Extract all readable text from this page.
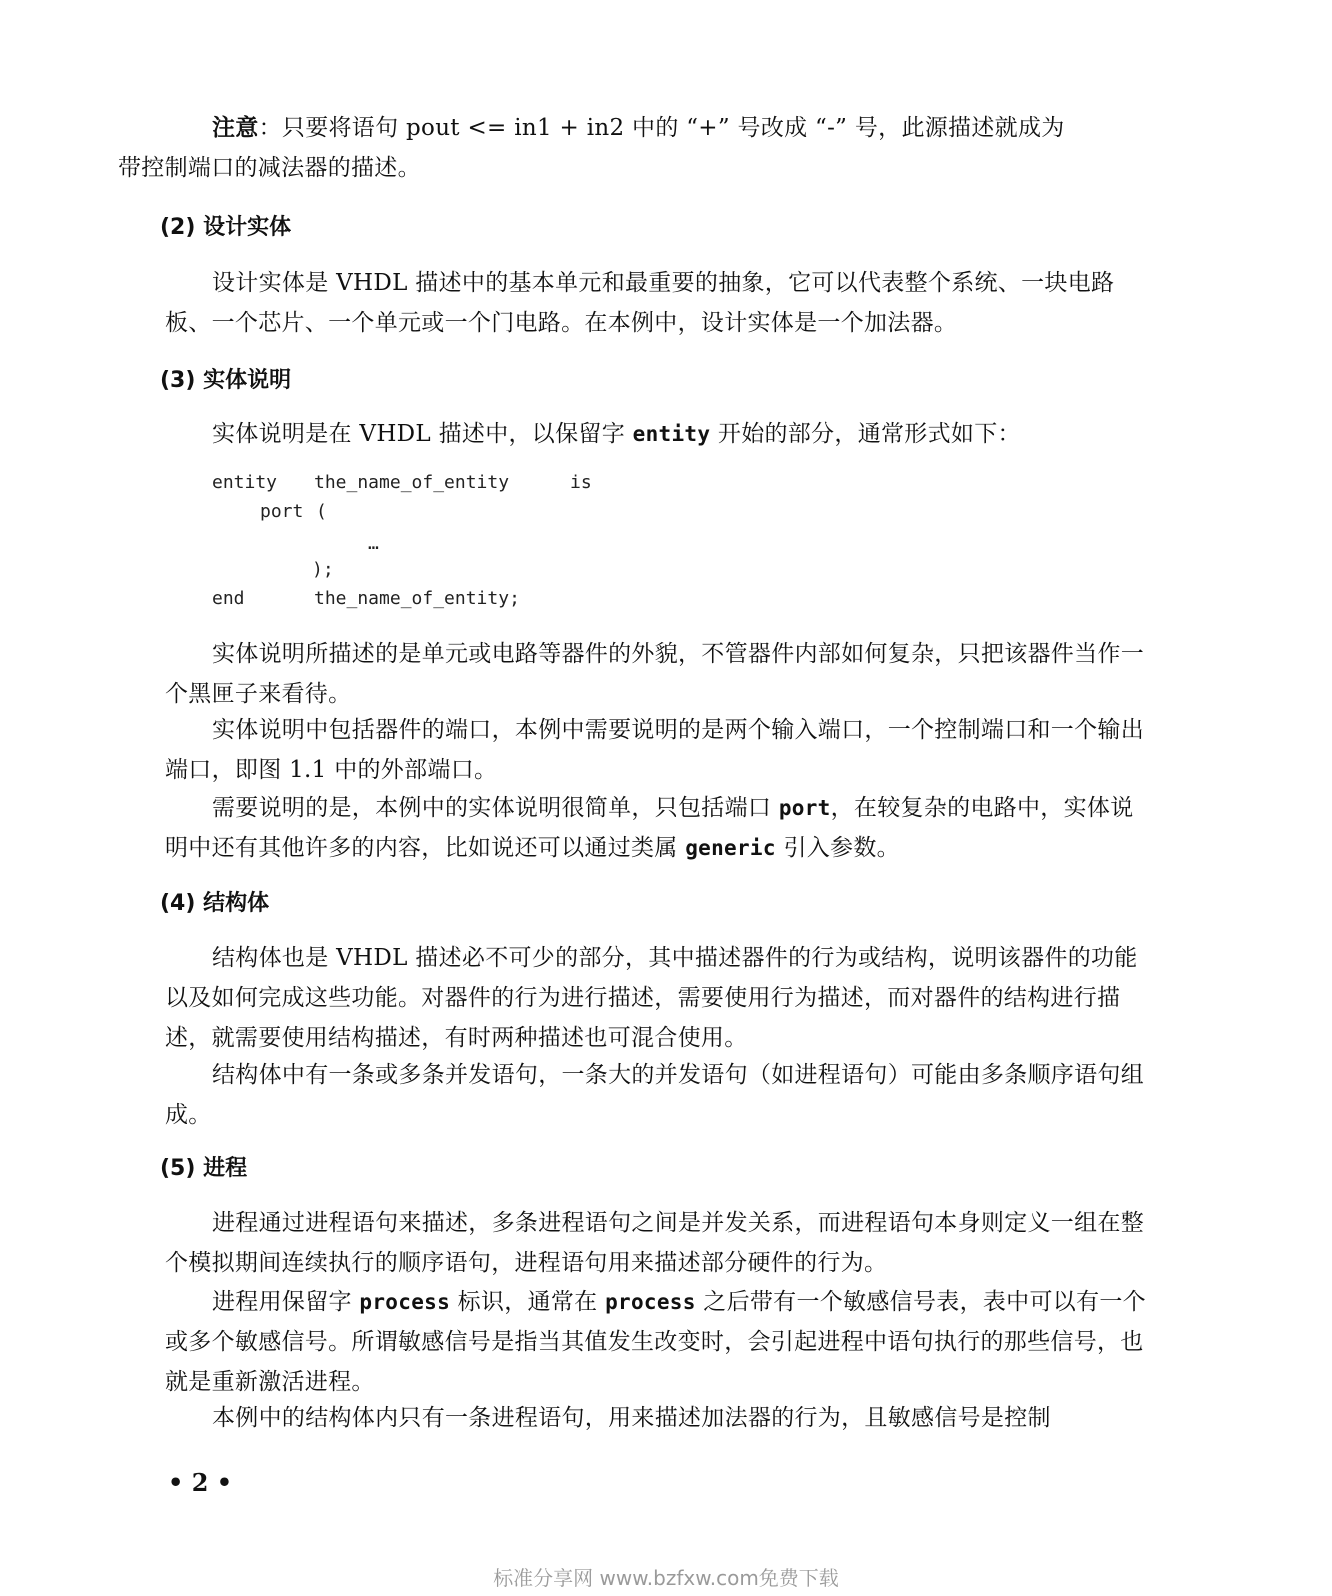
注意：只要将语句 pout <= in1 + in2 中的 “+” 号改成 “-” 号，此源描述就成为
带控制端口的减法器的描述。

(2) 设计实体

设计实体是 VHDL 描述中的基本单元和最重要的抽象，它可以代表整个系统、一块电路板、一个芯片、一个单元或一个门电路。在本例中，设计实体是一个加法器。

(3) 实体说明

实体说明是在 VHDL 描述中，以保留字 entity 开始的部分，通常形式如下：

entity the_name_of_entity	is
port (
…
);
end	the_name_of_entity;

实体说明所描述的是单元或电路等器件的外貌，不管器件内部如何复杂，只把该器件当作一个黑匣子来看待。

实体说明中包括器件的端口，本例中需要说明的是两个输入端口，一个控制端口和一个输出端口，即图 1.1 中的外部端口。

需要说明的是，本例中的实体说明很简单，只包括端口 port，在较复杂的电路中，实体说明中还有其他许多的内容，比如说还可以通过类属 generic 引入参数。

(4) 结构体

结构体也是 VHDL 描述必不可少的部分，其中描述器件的行为或结构，说明该器件的功能以及如何完成这些功能。对器件的行为进行描述，需要使用行为描述，而对器件的结构进行描述，就需要使用结构描述，有时两种描述也可混合使用。

结构体中有一条或多条并发语句，一条大的并发语句（如进程语句）可能由多条顺序语句组成。

(5) 进程

进程通过进程语句来描述，多条进程语句之间是并发关系，而进程语句本身则定义一组在整个模拟期间连续执行的顺序语句，进程语句用来描述部分硬件的行为。

进程用保留字 process 标识，通常在 process 之后带有一个敏感信号表，表中可以有一个或多个敏感信号。所谓敏感信号是指当其值发生改变时，会引起进程中语句执行的那些信号，也就是重新激活进程。

本例中的结构体内只有一条进程语句，用来描述加法器的行为，且敏感信号是控制

• 2 •
标准分享网 www.bzfxw.com免费下载
